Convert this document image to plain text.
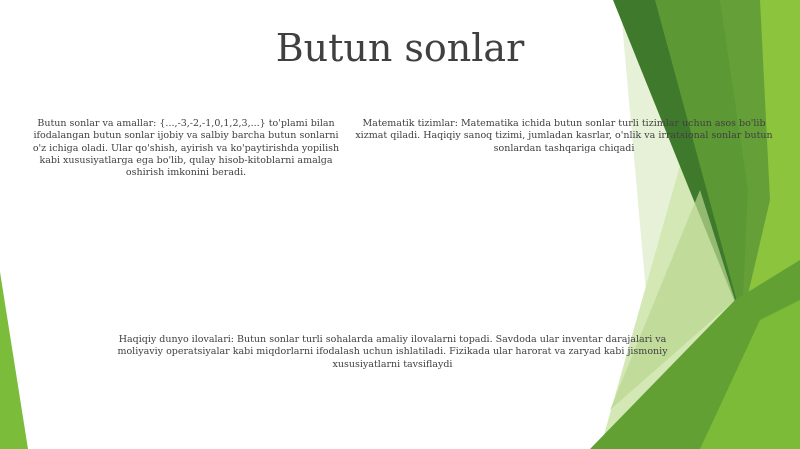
Butun sonlar
Butun sonlar va amallar: {...,-3,-2,-1,0,1,2,3,...} to'plami bilan ifodalangan butun sonlar ijobiy va salbiy barcha butun sonlarni o'z ichiga oladi. Ular qo'shish, ayirish va ko'paytirishda yopilish kabi xususiyatlarga ega bo'lib, qulay hisob-kitoblarni amalga oshirish imkonini beradi.
Matematik tizimlar: Matematika ichida butun sonlar turli tizimlar uchun asos bo'lib xizmat qiladi. Haqiqiy sanoq tizimi, jumladan kasrlar, o'nlik va irratsional sonlar butun sonlardan tashqariga chiqadi
Haqiqiy dunyo ilovalari: Butun sonlar turli sohalarda amaliy ilovalarni topadi. Savdoda ular inventar darajalari va moliyaviy operatsiyalar kabi miqdorlarni ifodalash uchun ishlatiladi. Fizikada ular harorat va zaryad kabi jismoniy xususiyatlarni tavsiflaydi
